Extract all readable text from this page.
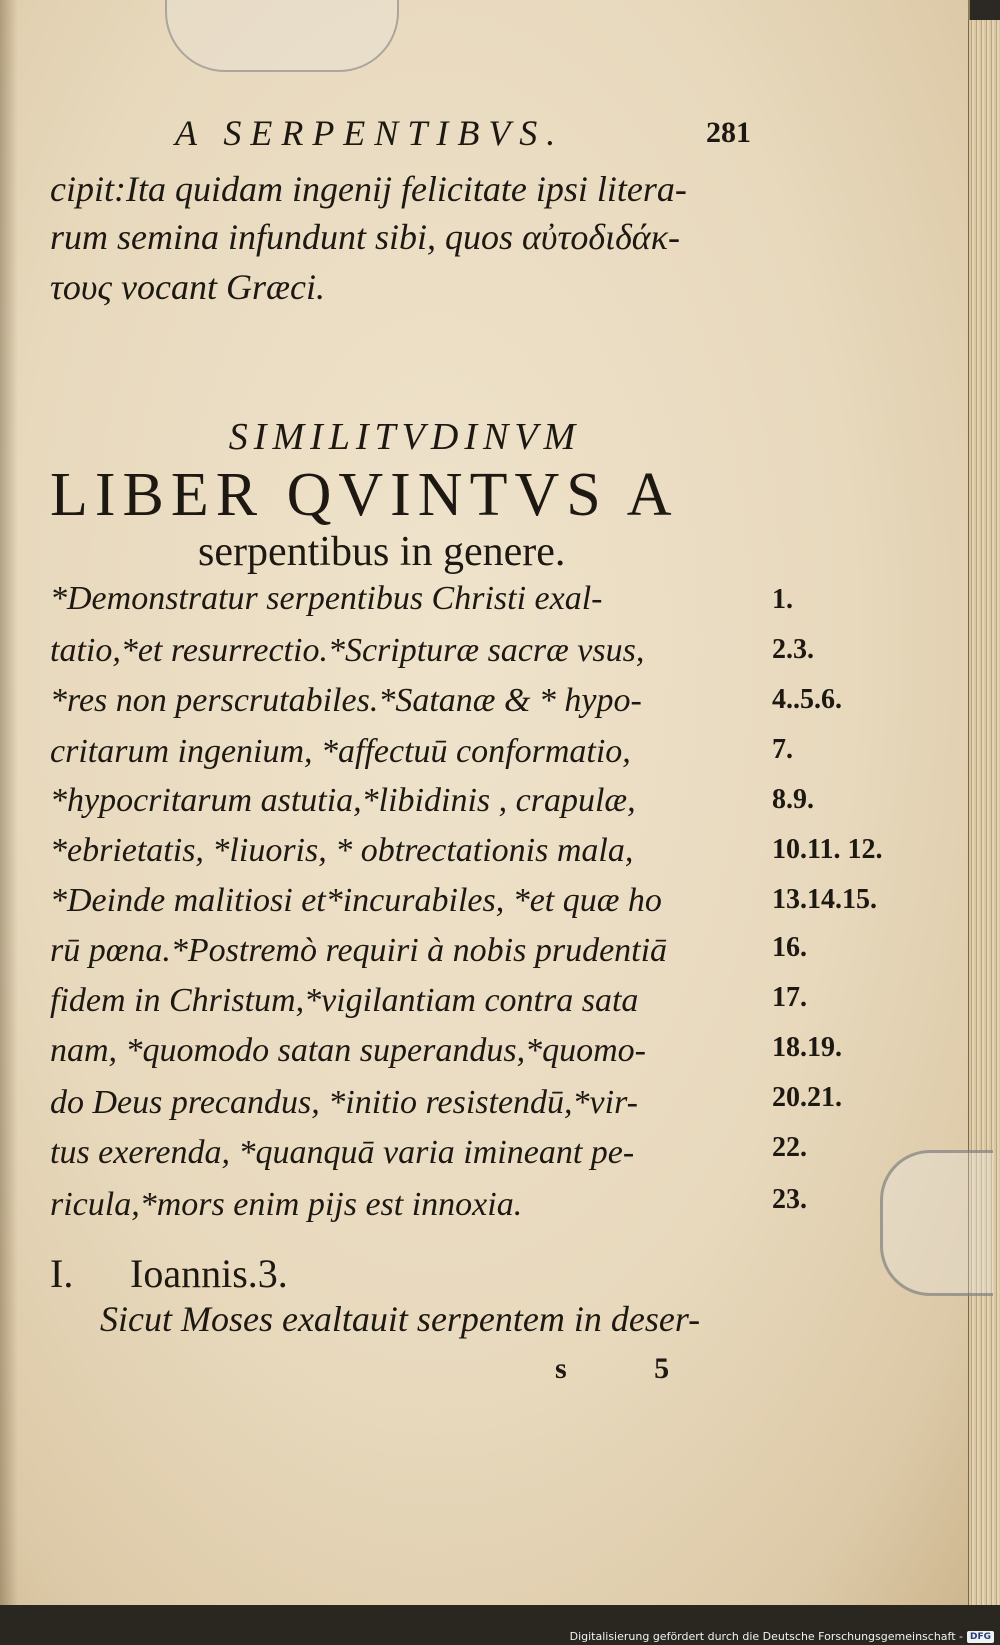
A SERPENTIBVS.	281
cipit:Ita quidam ingenij felicitate ipsi litera-
rum semina infundunt sibi, quos αὐτοδιδάκ-
τους vocant Græci.
SIMILITVDINVM
LIBER QVINTVS A
serpentibus in genere.
*Demonstratur serpentibus Christi exal-	1.
tatio,*et resurrectio.*Scripturæ sacræ vsus,	2.3.
*res non perscrutabiles.*Satanæ & * hypo-	4..5.6.
critarum ingenium, *affectuū conformatio,	7.
*hypocritarum astutia,*libidinis , crapulæ,	8.9.
*ebrietatis, *liuoris, * obtrectationis mala,	10.11. 12.
*Deinde malitiosi et*incurabiles, *et quæ ho	13.14.15.
rū pœna.*Postremò requiri à nobis prudentiā	16.
fidem in Christum,*vigilantiam contra sata	17.
nam, *quomodo satan superandus,*quomo-	18.19.
do Deus precandus, *initio resistendū,*vir-	20.21.
tus exerenda, *quanquā varia imineant pe-	22.
ricula,*mors enim pijs est innoxia.	23.
I. Ioannis.3.
Sicut Moses exaltauit serpentem in deser-
s 5
Digitalisierung gefördert durch die Deutsche Forschungsgemeinschaft - DFG
